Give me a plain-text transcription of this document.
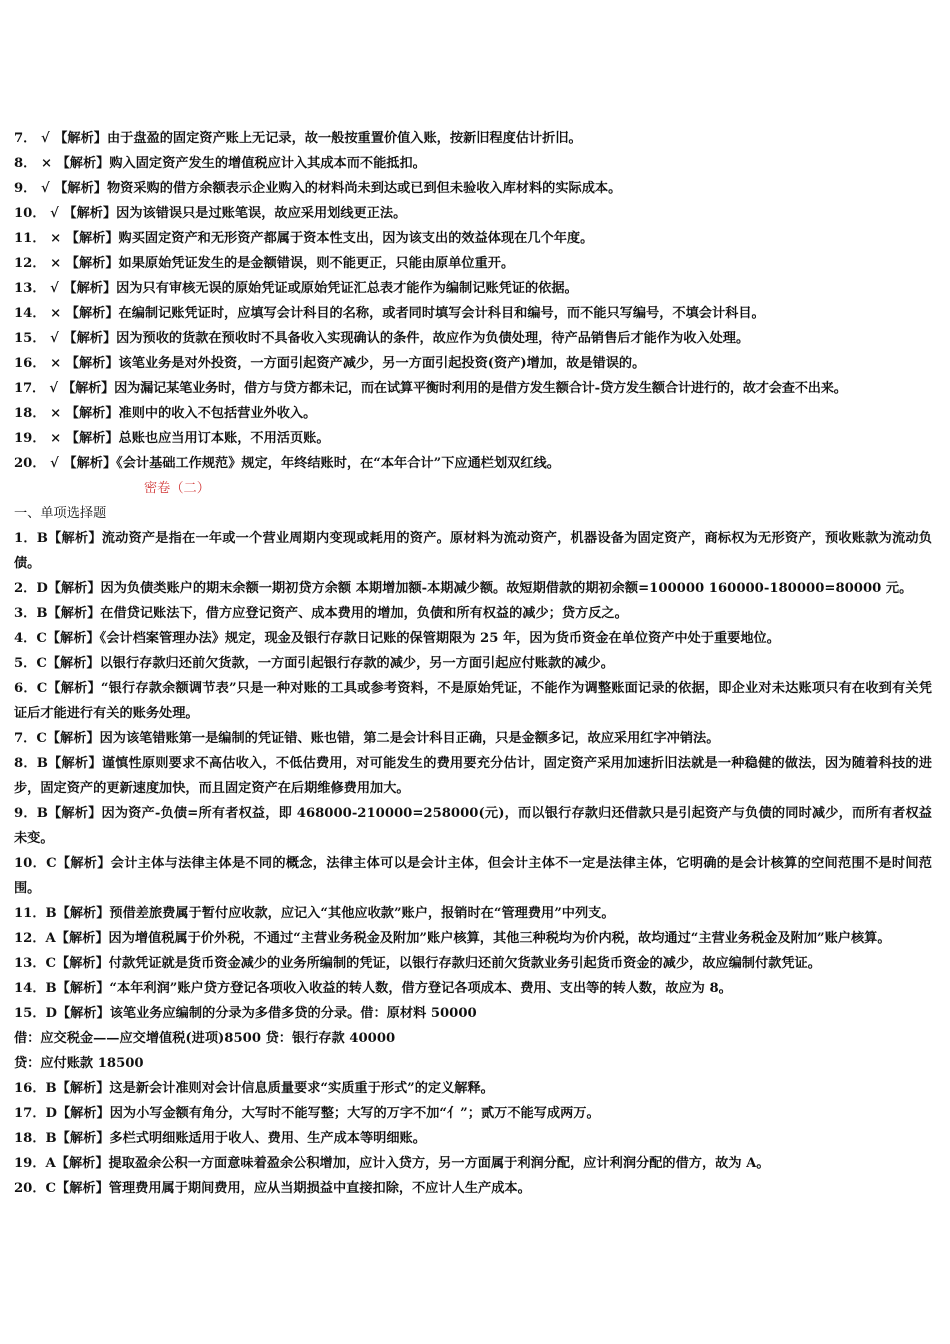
7． √ 【解析】由于盘盈的固定资产账上无记录，故一般按重置价值入账，按新旧程度估计折旧。
8． × 【解析】购入固定资产发生的增值税应计入其成本而不能抵扣。
9． √ 【解析】物资采购的借方余额表示企业购入的材料尚未到达或已到但未验收入库材料的实际成本。
10． √ 【解析】因为该错误只是过账笔误，故应采用划线更正法。
11． × 【解析】购买固定资产和无形资产都属于资本性支出，因为该支出的效益体现在几个年度。
12． × 【解析】如果原始凭证发生的是金额错误，则不能更正，只能由原单位重开。
13． √ 【解析】因为只有审核无误的原始凭证或原始凭证汇总表才能作为编制记账凭证的依据。
14． × 【解析】在编制记账凭证时，应填写会计科目的名称，或者同时填写会计科目和编号，而不能只写编号，不填会计科目。
15． √ 【解析】因为预收的货款在预收时不具备收入实现确认的条件，故应作为负债处理，待产品销售后才能作为收入处理。
16． × 【解析】该笔业务是对外投资，一方面引起资产减少，另一方面引起投资(资产)增加，故是错误的。
17． √ 【解析】因为漏记某笔业务时，借方与贷方都未记，而在试算平衡时利用的是借方发生额合计-贷方发生额合计进行的，故才会查不出来。
18． × 【解析】准则中的收入不包括营业外收入。
19． × 【解析】总账也应当用订本账，不用活页账。
20． √ 【解析】《会计基础工作规范》规定，年终结账时，在“本年合计”下应通栏划双红线。
密卷（二）
一、单项选择题
1．B【解析】流动资产是指在一年或一个营业周期内变现或耗用的资产。原材料为流动资产，机器设备为固定资产，商标权为无形资产，预收账款为流动负债。
2．D【解析】因为负债类账户的期末余额一期初贷方余额 本期增加额-本期减少额。故短期借款的期初余额=100000 160000-180000=80000 元。
3．B【解析】在借贷记账法下，借方应登记资产、成本费用的增加，负债和所有权益的减少；贷方反之。
4．C【解析】《会计档案管理办法》规定，现金及银行存款日记账的保管期限为 25 年，因为货币资金在单位资产中处于重要地位。
5．C【解析】以银行存款归还前欠货款，一方面引起银行存款的减少，另一方面引起应付账款的减少。
6．C【解析】“银行存款余额调节表”只是一种对账的工具或参考资料，不是原始凭证，不能作为调整账面记录的依据，即企业对未达账项只有在收到有关凭证后才能进行有关的账务处理。
7．C【解析】因为该笔错账第一是编制的凭证错、账也错，第二是会计科目正确，只是金额多记，故应采用红字冲销法。
8．B【解析】谨慎性原则要求不高估收入，不低估费用，对可能发生的费用要充分估计，固定资产采用加速折旧法就是一种稳健的做法，因为随着科技的进步，固定资产的更新速度加快，而且固定资产在后期维修费用加大。
9．B【解析】因为资产-负债=所有者权益，即 468000-210000=258000(元)，而以银行存款归还借款只是引起资产与负债的同时减少，而所有者权益未变。
10．C【解析】会计主体与法律主体是不同的概念，法律主体可以是会计主体，但会计主体不一定是法律主体，它明确的是会计核算的空间范围不是时间范围。
11．B【解析】预借差旅费属于暂付应收款，应记入“其他应收款”账户，报销时在“管理费用”中列支。
12．A【解析】因为增值税属于价外税，不通过“主营业务税金及附加”账户核算，其他三种税均为价内税，故均通过“主营业务税金及附加”账户核算。
13．C【解析】付款凭证就是货币资金减少的业务所编制的凭证，以银行存款归还前欠货款业务引起货币资金的减少，故应编制付款凭证。
14．B【解析】“本年利润”账户贷方登记各项收入收益的转人数，借方登记各项成本、费用、支出等的转人数，故应为 8。
15．D【解析】该笔业务应编制的分录为多借多贷的分录。借：原材料 50000
借：应交税金——应交增值税(进项)8500 贷：银行存款 40000
贷：应付账款 18500
16．B【解析】这是新会计准则对会计信息质量要求“实质重于形式”的定义解释。
17．D【解析】因为小写金额有角分，大写时不能写整；大写的万字不加“亻”；贰万不能写成两万。
18．B【解析】多栏式明细账适用于收人、费用、生产成本等明细账。
19．A【解析】提取盈余公积一方面意味着盈余公积增加，应计入贷方，另一方面属于利润分配，应计利润分配的借方，故为 A。
20．C【解析】管理费用属于期间费用，应从当期损益中直接扣除，不应计人生产成本。
